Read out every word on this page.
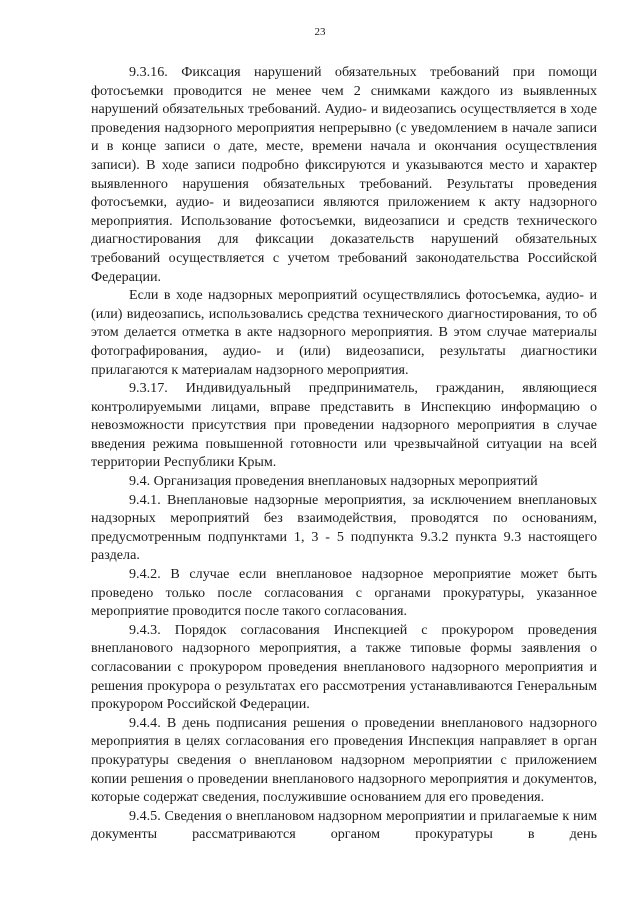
23

9.3.16. Фиксация нарушений обязательных требований при помощи фотосъемки проводится не менее чем 2 снимками каждого из выявленных нарушений обязательных требований. Аудио- и видеозапись осуществляется в ходе проведения надзорного мероприятия непрерывно (с уведомлением в начале записи и в конце записи о дате, месте, времени начала и окончания осуществления записи). В ходе записи подробно фиксируются и указываются место и характер выявленного нарушения обязательных требований. Результаты проведения фотосъемки, аудио- и видеозаписи являются приложением к акту надзорного мероприятия. Использование фотосъемки, видеозаписи и средств технического диагностирования для фиксации доказательств нарушений обязательных требований осуществляется с учетом требований законодательства Российской Федерации.

Если в ходе надзорных мероприятий осуществлялись фотосъемка, аудио- и (или) видеозапись, использовались средства технического диагностирования, то об этом делается отметка в акте надзорного мероприятия. В этом случае материалы фотографирования, аудио- и (или) видеозаписи, результаты диагностики прилагаются к материалам надзорного мероприятия.

9.3.17. Индивидуальный предприниматель, гражданин, являющиеся контролируемыми лицами, вправе представить в Инспекцию информацию о невозможности присутствия при проведении надзорного мероприятия в случае введения режима повышенной готовности или чрезвычайной ситуации на всей территории Республики Крым.

9.4. Организация проведения внеплановых надзорных мероприятий

9.4.1. Внеплановые надзорные мероприятия, за исключением внеплановых надзорных мероприятий без взаимодействия, проводятся по основаниям, предусмотренным подпунктами 1, 3 - 5 подпункта 9.3.2 пункта 9.3 настоящего раздела.

9.4.2. В случае если внеплановое надзорное мероприятие может быть проведено только после согласования с органами прокуратуры, указанное мероприятие проводится после такого согласования.

9.4.3. Порядок согласования Инспекцией с прокурором проведения внепланового надзорного мероприятия, а также типовые формы заявления о согласовании с прокурором проведения внепланового надзорного мероприятия и решения прокурора о результатах его рассмотрения устанавливаются Генеральным прокурором Российской Федерации.

9.4.4. В день подписания решения о проведении внепланового надзорного мероприятия в целях согласования его проведения Инспекция направляет в орган прокуратуры сведения о внеплановом надзорном мероприятии с приложением копии решения о проведении внепланового надзорного мероприятия и документов, которые содержат сведения, послужившие основанием для его проведения.

9.4.5. Сведения о внеплановом надзорном мероприятии и прилагаемые к ним документы рассматриваются органом прокуратуры в день
